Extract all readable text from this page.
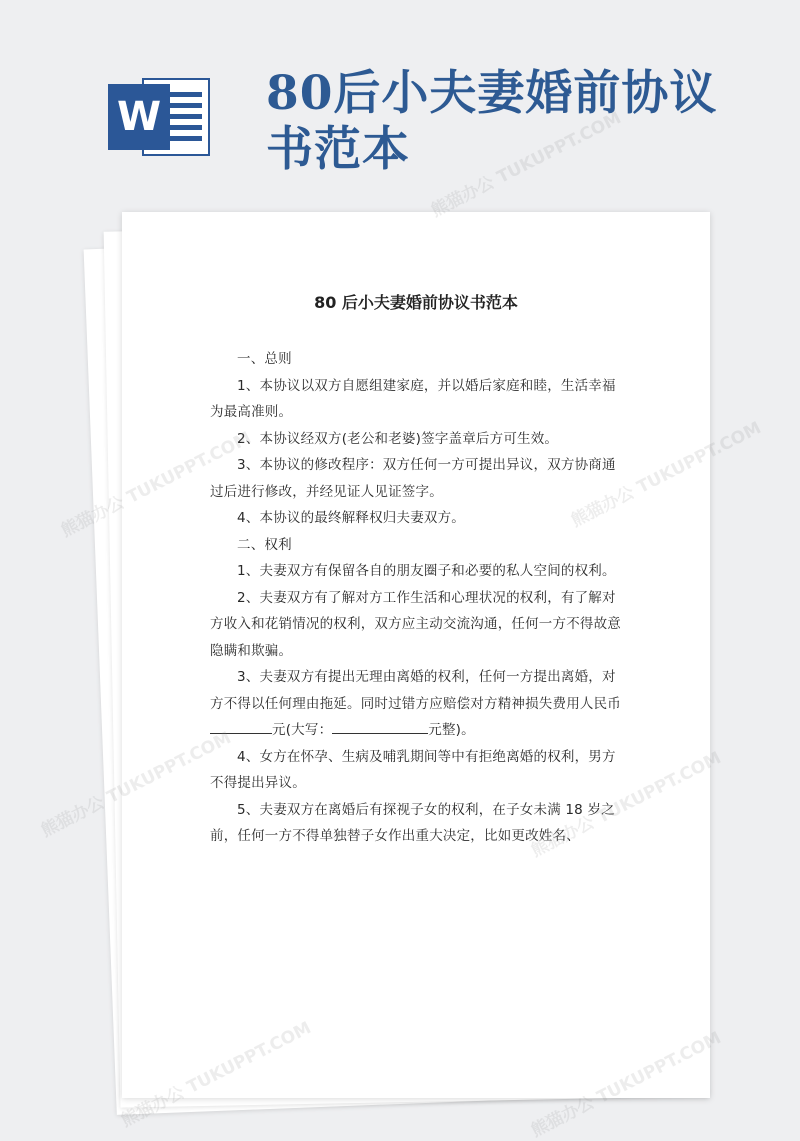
W 80后小夫妻婚前协议书范本
80 后小夫妻婚前协议书范本

一、总则

1、本协议以双方自愿组建家庭，并以婚后家庭和睦，生活幸福为最高准则。

2、本协议经双方(老公和老婆)签字盖章后方可生效。

3、本协议的修改程序：双方任何一方可提出异议，双方协商通过后进行修改，并经见证人见证签字。

4、本协议的最终解释权归夫妻双方。

二、权利

1、夫妻双方有保留各自的朋友圈子和必要的私人空间的权利。

2、夫妻双方有了解对方工作生活和心理状况的权利，有了解对方收入和花销情况的权利，双方应主动交流沟通，任何一方不得故意隐瞒和欺骗。

3、夫妻双方有提出无理由离婚的权利，任何一方提出离婚，对方不得以任何理由拖延。同时过错方应赔偿对方精神损失费用人民币元(大写：	元整)。

4、女方在怀孕、生病及哺乳期间等中有拒绝离婚的权利，男方不得提出异议。

5、夫妻双方在离婚后有探视子女的权利，在子女未满 18 岁之前，任何一方不得单独替子女作出重大决定，比如更改姓名、

熊猫办公 TUKUPPT.COM
熊猫办公
熊猫办公
